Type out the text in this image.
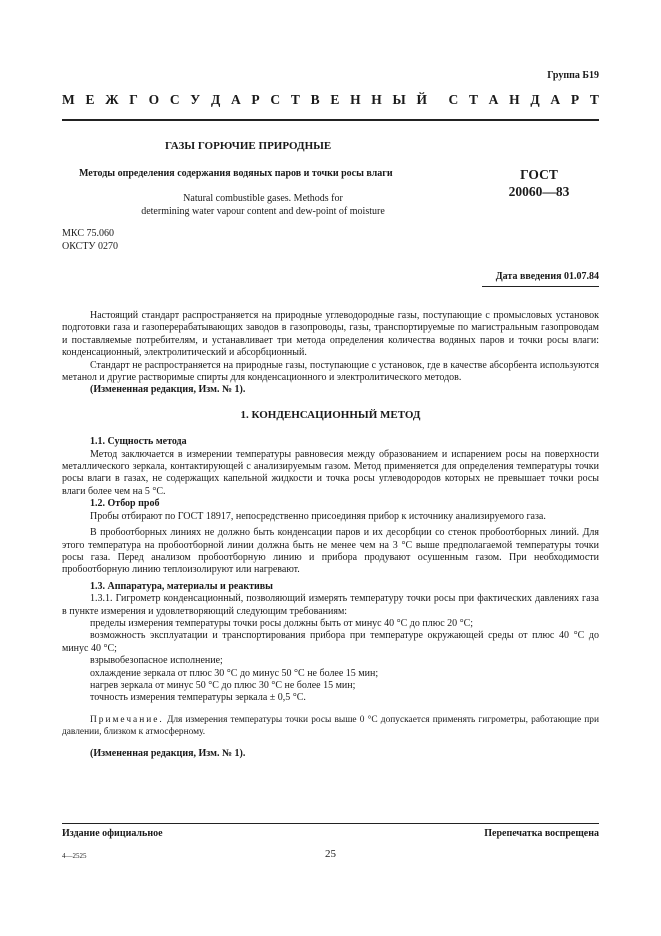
Группа Б19
М Е Ж Г О С У Д А Р С Т В Е Н Н Ы Й С Т А Н Д А Р Т
ГАЗЫ ГОРЮЧИЕ ПРИРОДНЫЕ
Методы определения содержания водяных паров и точки росы влаги	ГОСТ
20060—83
Natural combustible gases. Methods for
determining water vapour content and dew-point of moisture
МКС 75.060
ОКСТУ 0270
Дата введения 01.07.84

Настоящий стандарт распространяется на природные углеводородные газы, поступающие с промысловых установок подготовки газа и газоперерабатывающих заводов в газопроводы, газы, транспортируемые по магистральным газопроводам и поставляемые потребителям, и устанавливает три метода определения количества водяных паров и точки росы влаги: конденсационный, электролитический и абсорбционный.

Стандарт не распространяется на природные газы, поступающие с установок, где в качестве абсорбента используются метанол и другие растворимые спирты для конденсационного и электролитического методов.

(Измененная редакция, Изм. № 1).

1. КОНДЕНСАЦИОННЫЙ МЕТОД

1.1. Сущность метода

Метод заключается в измерении температуры равновесия между образованием и испарением росы на поверхности металлического зеркала, контактирующей с анализируемым газом. Метод применяется для определения температуры точки росы влаги в газах, не содержащих капельной жидкости и точка росы углеводородов которых не превышает точки росы влаги более чем на 5 °С.

1.2. Отбор проб

Пробы отбирают по ГОСТ 18917, непосредственно присоединяя прибор к источнику анализируемого газа.

В пробоотборных линиях не должно быть конденсации паров и их десорбции со стенок пробоотборных линий. Для этого температура на пробоотборной линии должна быть не менее чем на 3 °С выше предполагаемой температуры точки росы газа. Перед анализом пробоотборную линию и прибора продувают осушенным газом. При необходимости пробоотборную линию теплоизолируют или нагревают.

1.3. Аппаратура, материалы и реактивы

1.3.1. Гигрометр конденсационный, позволяющий измерять температуру точки росы при фактических давлениях газа в пункте измерения и удовлетворяющий следующим требованиям:

пределы измерения температуры точки росы должны быть от минус 40 °С до плюс 20 °С;

возможность эксплуатации и транспортирования прибора при температуре окружающей среды от плюс 40 °С до минус 40 °С;

взрывобезопасное исполнение;

охлаждение зеркала от плюс 30 °С до минус 50 °С не более 15 мин;

нагрев зеркала от минус 50 °С до плюс 30 °С не более 15 мин;

точность измерения температуры зеркала ± 0,5 °С.

Примечание. Для измерения температуры точки росы выше 0 °С допускается применять гигрометры, работающие при давлении, близком к атмосферному.

(Измененная редакция, Изм. № 1).

Издание официальное	Перепечатка воспрещена
25
4—2525
